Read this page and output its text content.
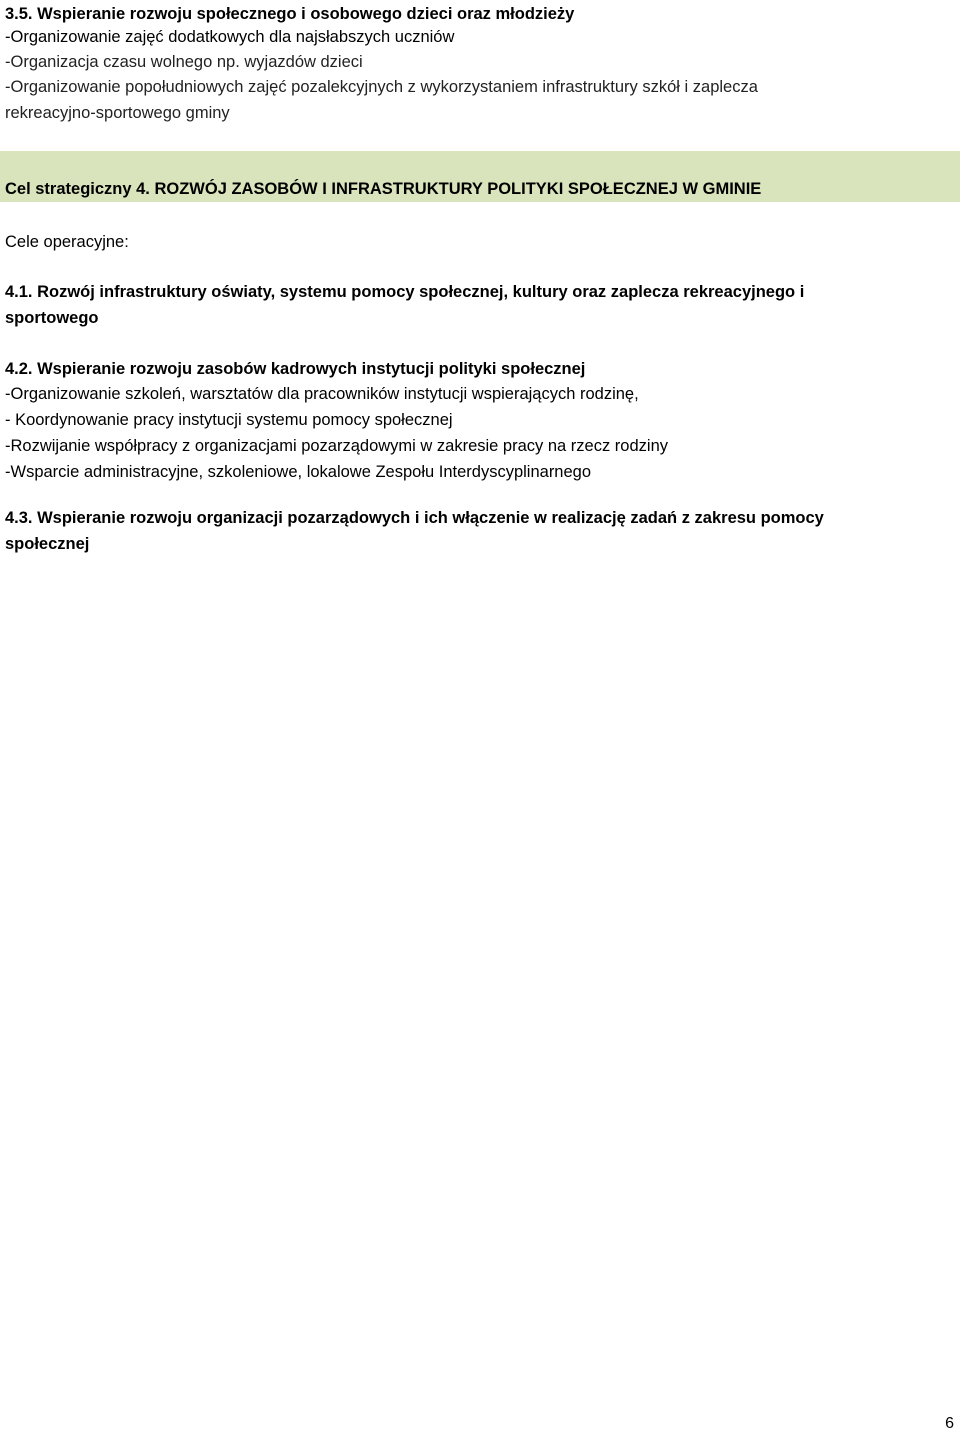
3.5. Wspieranie rozwoju społecznego i osobowego dzieci oraz młodzieży
-Organizowanie zajęć dodatkowych dla najsłabszych uczniów
-Organizacja czasu wolnego np. wyjazdów dzieci
-Organizowanie popołudniowych zajęć pozalekcyjnych z wykorzystaniem infrastruktury szkół i zaplecza
rekreacyjno-sportowego gminy
Cel strategiczny 4. ROZWÓJ ZASOBÓW I INFRASTRUKTURY POLITYKI SPOŁECZNEJ W GMINIE
Cele operacyjne:
4.1. Rozwój infrastruktury oświaty, systemu pomocy społecznej, kultury oraz zaplecza rekreacyjnego i
sportowego
4.2. Wspieranie rozwoju zasobów kadrowych instytucji polityki społecznej
-Organizowanie szkoleń, warsztatów dla pracowników instytucji wspierających rodzinę,
- Koordynowanie pracy instytucji systemu pomocy społecznej
-Rozwijanie współpracy z organizacjami pozarządowymi w zakresie pracy na rzecz rodziny
-Wsparcie administracyjne, szkoleniowe, lokalowe Zespołu Interdyscyplinarnego
4.3. Wspieranie rozwoju organizacji pozarządowych i ich włączenie w realizację zadań z zakresu pomocy
społecznej
6
